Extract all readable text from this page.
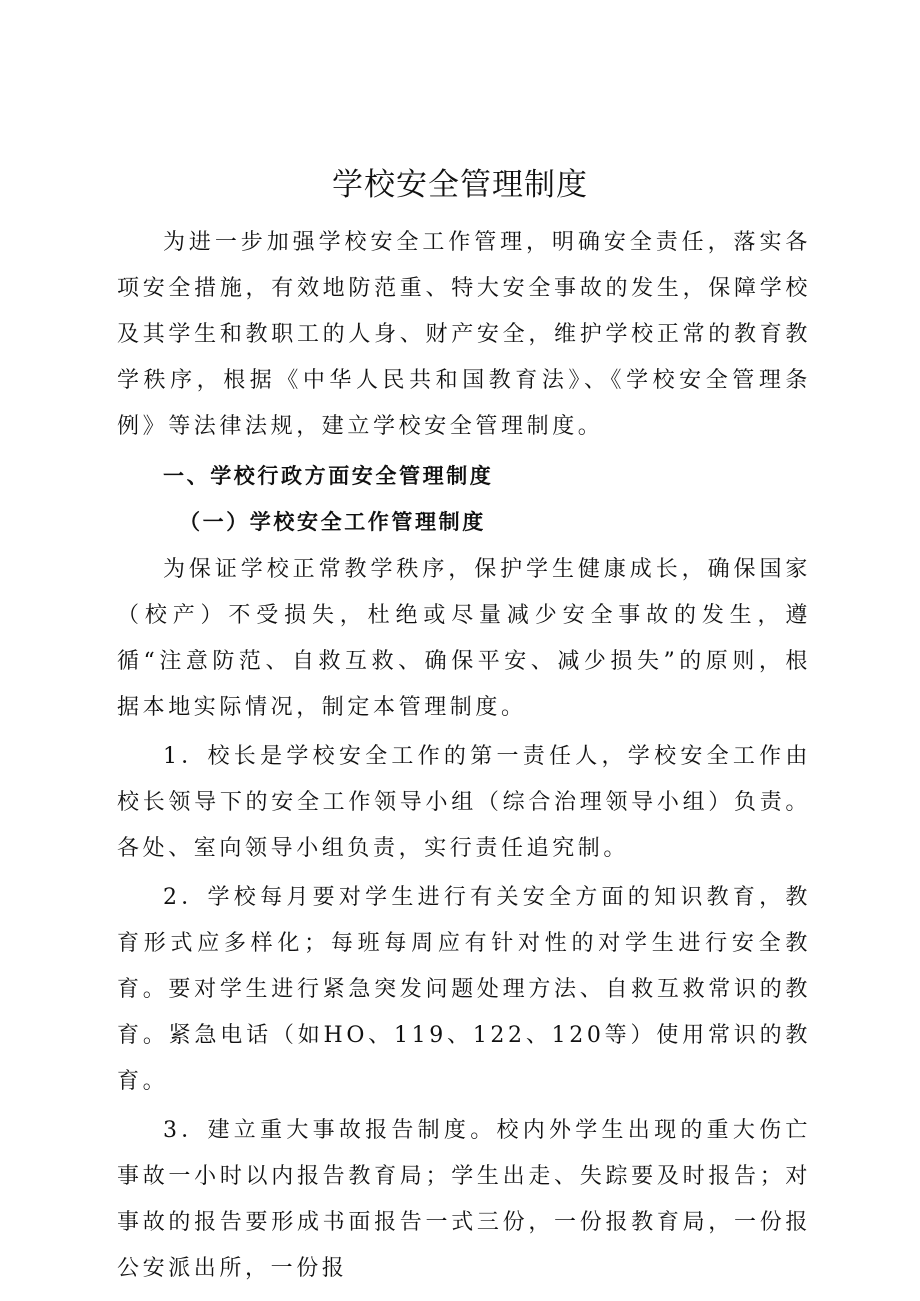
学校安全管理制度

为进一步加强学校安全工作管理，明确安全责任，落实各项安全措施，有效地防范重、特大安全事故的发生，保障学校及其学生和教职工的人身、财产安全，维护学校正常的教育教学秩序，根据《中华人民共和国教育法》、《学校安全管理条例》等法律法规，建立学校安全管理制度。

一、学校行政方面安全管理制度

（一）学校安全工作管理制度

为保证学校正常教学秩序，保护学生健康成长，确保国家（校产）不受损失，杜绝或尽量减少安全事故的发生，遵循“注意防范、自救互救、确保平安、减少损失”的原则，根据本地实际情况，制定本管理制度。

1．校长是学校安全工作的第一责任人，学校安全工作由校长领导下的安全工作领导小组（综合治理领导小组）负责。各处、室向领导小组负责，实行责任追究制。

2．学校每月要对学生进行有关安全方面的知识教育，教育形式应多样化；每班每周应有针对性的对学生进行安全教育。要对学生进行紧急突发问题处理方法、自救互救常识的教育。紧急电话（如HO、119、122、120等）使用常识的教育。

3．建立重大事故报告制度。校内外学生出现的重大伤亡事故一小时以内报告教育局；学生出走、失踪要及时报告；对事故的报告要形成书面报告一式三份，一份报教育局，一份报公安派出所，一份报
